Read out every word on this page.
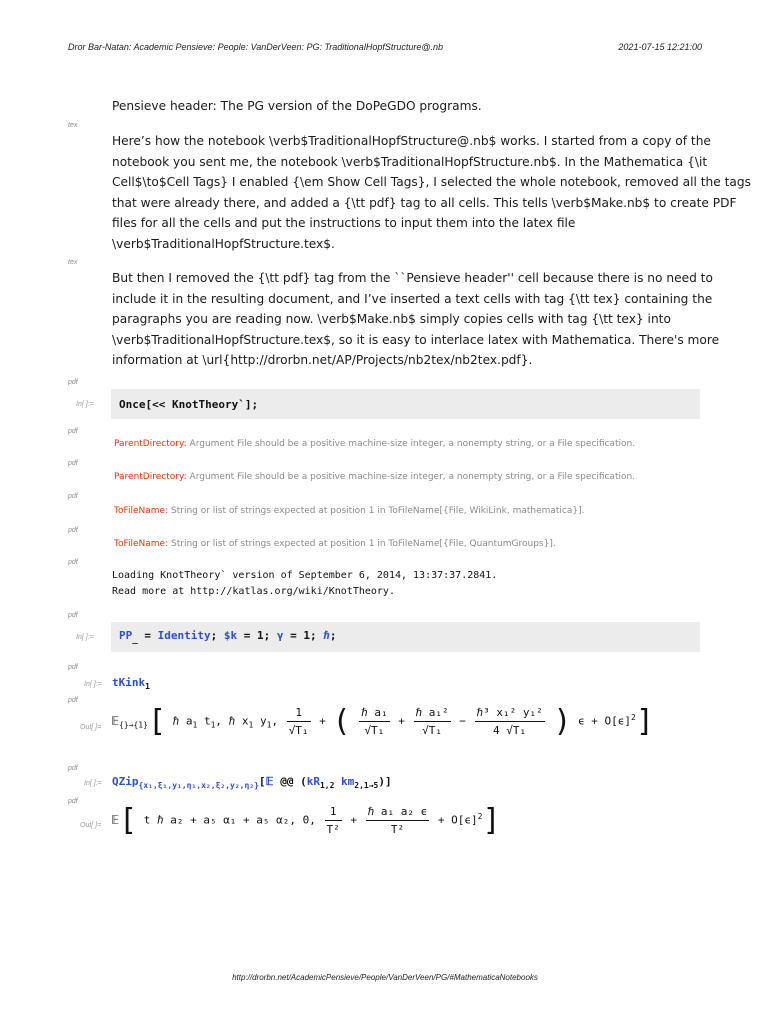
Dror Bar-Natan: Academic Pensieve: People: VanDerVeen: PG: TraditionalHopfStructure@.nb	2021-07-15 12:21:00
Pensieve header: The PG version of the DoPeGDO programs.
tex
Here’s how the notebook \verb$TraditionalHopfStructure@.nb$ works. I started from a copy of the
notebook you sent me, the notebook \verb$TraditionalHopfStructure.nb$. In the Mathematica {\it
Cell$\to$Cell Tags} I enabled {\em Show Cell Tags}, I selected the whole notebook, removed all the tags
that were already there, and added a {\tt pdf} tag to all cells. This tells \verb$Make.nb$ to create PDF
files for all the cells and put the instructions to input them into the latex file
\verb$TraditionalHopfStructure.tex$.
tex
But then I removed the {\tt pdf} tag from the ``Pensieve header'' cell because there is no need to
include it in the resulting document, and I’ve inserted a text cells with tag {\tt tex} containing the
paragraphs you are reading now. \verb$Make.nb$ simply copies cells with tag {\tt tex} into
\verb$TraditionalHopfStructure.tex$, so it is easy to interlace latex with Mathematica. There's more
information at \url{http://drorbn.net/AP/Projects/nb2tex/nb2tex.pdf}.
pdf
In[ ]:= Once[<< KnotTheory`];
pdf
ParentDirectory: Argument File should be a positive machine-size integer, a nonempty string, or a File specification.
pdf
ParentDirectory: Argument File should be a positive machine-size integer, a nonempty string, or a File specification.
pdf
ToFileName: String or list of strings expected at position 1 in ToFileName[{File, WikiLink, mathematica}].
pdf
ToFileName: String or list of strings expected at position 1 in ToFileName[{File, QuantumGroups}].
pdf
Loading KnotTheory` version of September 6, 2014, 13:37:37.2841.
Read more at http://katlas.org/wiki/KnotTheory.
pdf
In[ ]:= $PP_{\_}$ = Identity; $k = 1; γ = 1; ℏ;
pdf
In[ ]:= tKink$_1$
pdf
Out[ ]= 𝔼$_{\{\}\to\{1\}}$[ ℏ $a_1$ $t_1$, ℏ $x_1$ $y_1$, $\frac{1}{\text{√T₁}}$ + ( $\frac{\text{ℏ a₁}}{\text{√T₁}} + \frac{\text{ℏ a₁²}}{\text{√T₁}} - \frac{\text{ℏ³ x₁² y₁²}}{\text{4 √T₁}}$ ) $\epsilon + O[\epsilon]^2$]
pdf
In[ ]:= QZip$_{\{x_1,\xi_1,y_1,\eta_1,x_2,\xi_2,y_2,\eta_2\}}$[𝔼 @@ ($kR_{1,2}$ $km_{2,1\to 5}$)]
pdf
Out[ ]= 𝔼[ t ℏ a₂ + a₅ α₁ + a₅ α₂, 0, $\frac{1}{\text{T²}} + \frac{\text{ℏ a₁ a₂ ϵ}}{\text{T²}} + O[\epsilon]^2$]
http://drorbn.net/AcademicPensieve/People/VanDerVeen/PG/#MathematicaNotebooks
